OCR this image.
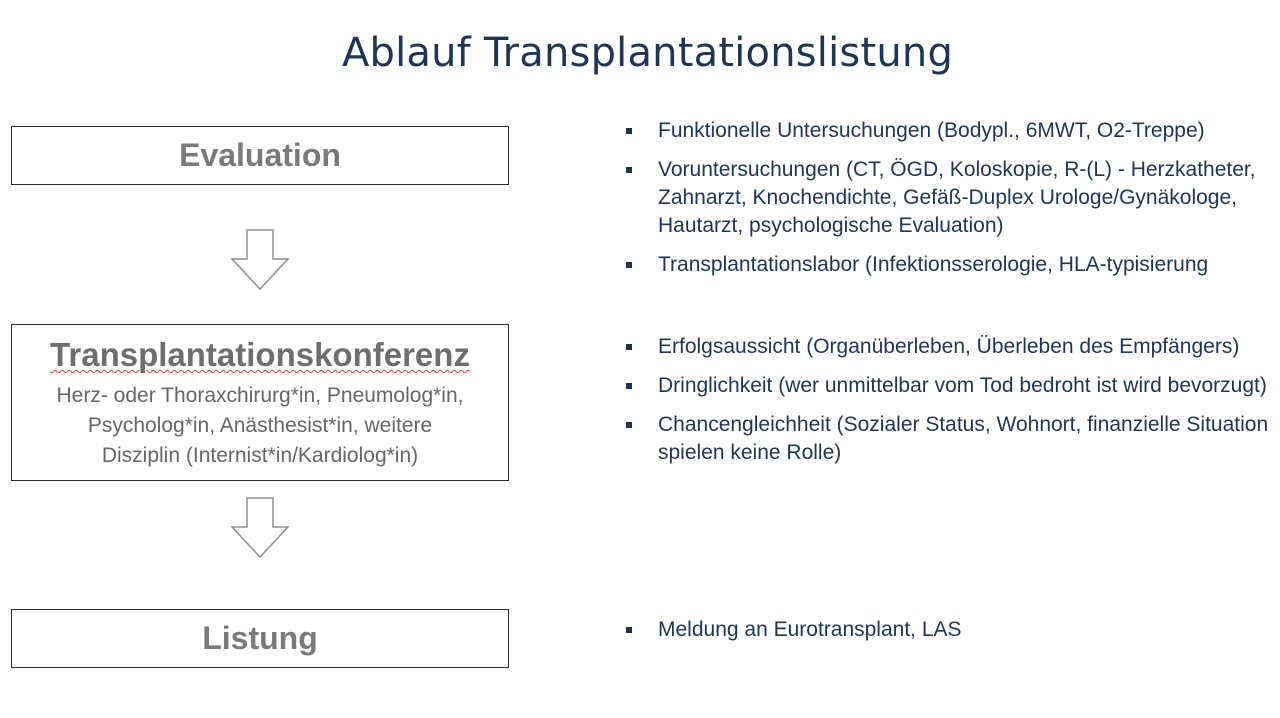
Ablauf Transplantationslistung
Evaluation
Transplantationskonferenz
Herz- oder Thoraxchirurg*in, Pneumolog*in,
Psycholog*in, Anästhesist*in, weitere
Disziplin (Internist*in/Kardiolog*in)
Listung
Funktionelle Untersuchungen (Bodypl., 6MWT, O2-Treppe)
Voruntersuchungen (CT, ÖGD, Koloskopie, R-(L) - Herzkatheter, Zahnarzt, Knochendichte, Gefäß-Duplex Urologe/Gynäkologe, Hautarzt, psychologische Evaluation)
Transplantationslabor (Infektionsserologie, HLA-typisierung
Erfolgsaussicht (Organüberleben, Überleben des Empfängers)
Dringlichkeit (wer unmittelbar vom Tod bedroht ist wird bevorzugt)
Chancengleichheit (Sozialer Status, Wohnort, finanzielle Situation spielen keine Rolle)
Meldung an Eurotransplant, LAS
